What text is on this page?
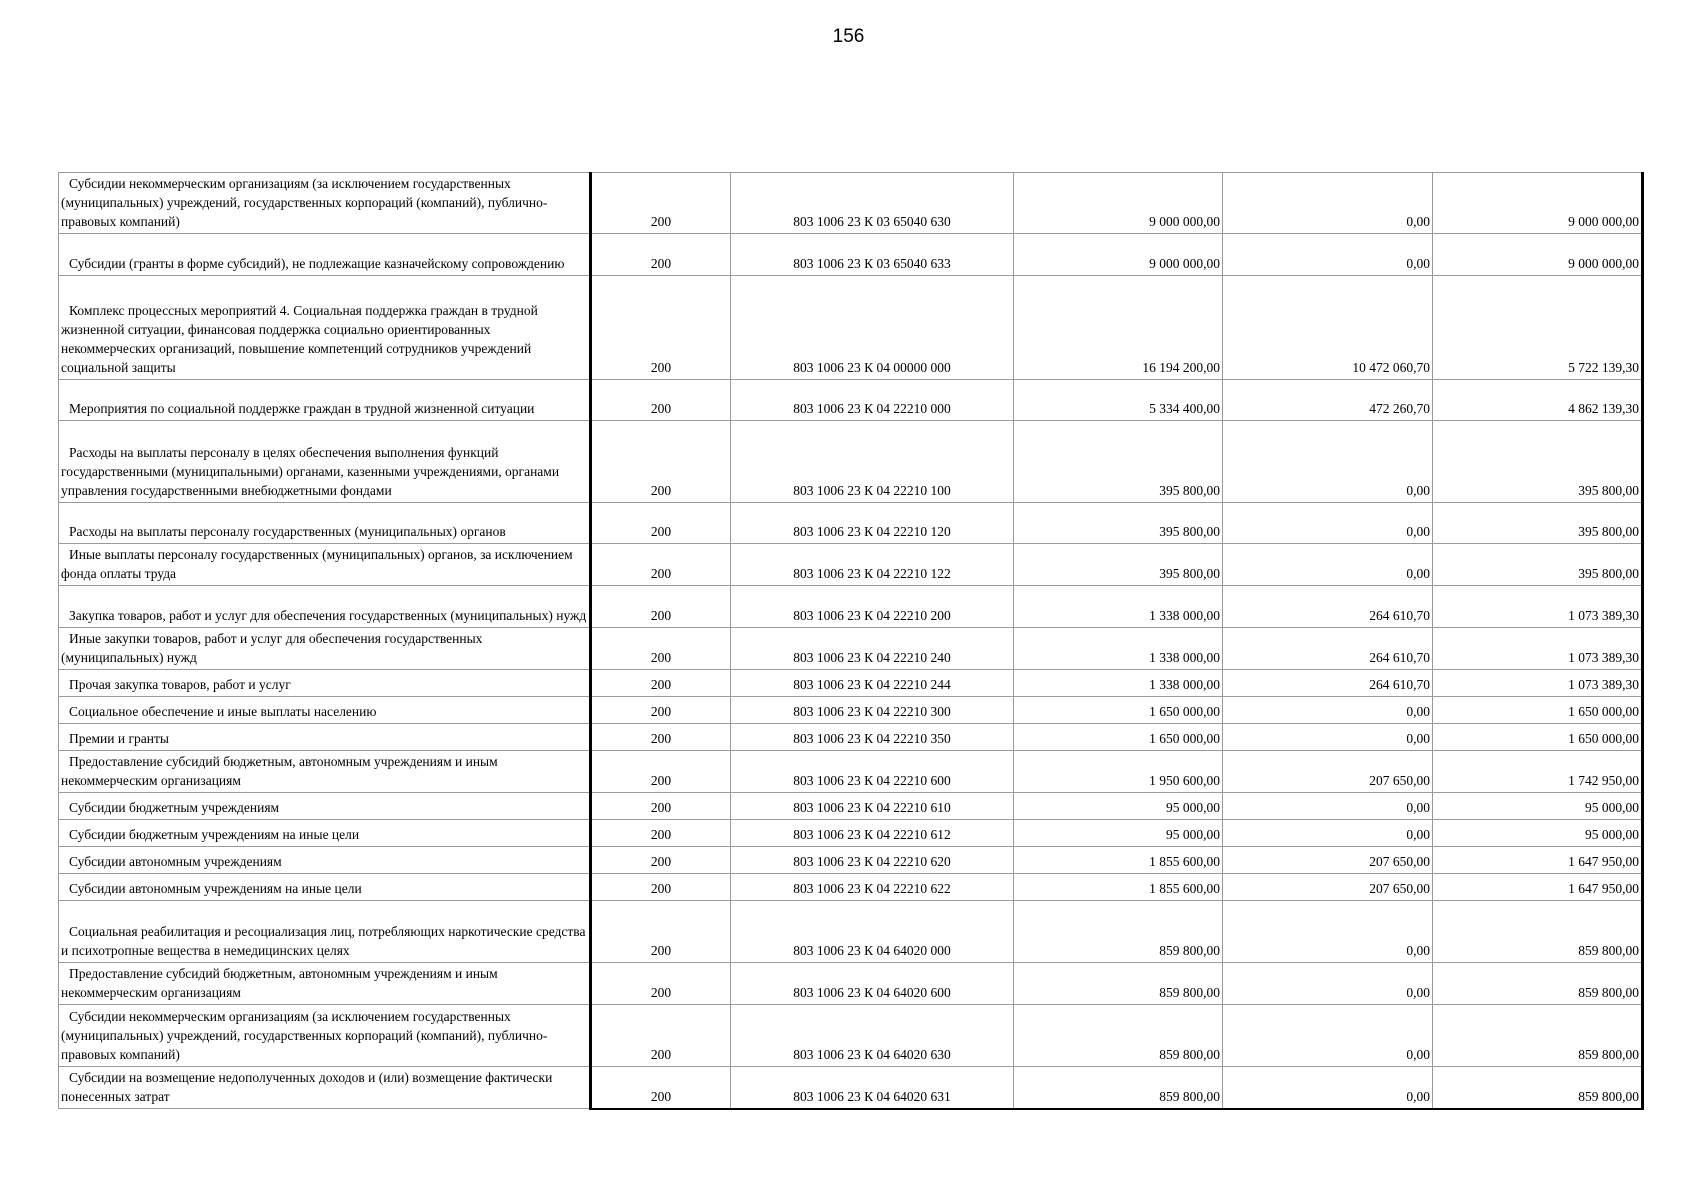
156
Субсидии некоммерческим организациям (за исключением государственных (муниципальных) учреждений, государственных корпораций (компаний), публично-правовых компаний)	200	803 1006 23 К 03 65040 630	9 000 000,00	0,00	9 000 000,00

Субсидии (гранты в форме субсидий), не подлежащие казначейскому сопровождению	200	803 1006 23 К 03 65040 633	9 000 000,00	0,00	9 000 000,00

Комплекс процессных мероприятий 4. Социальная поддержка граждан в трудной жизненной ситуации, финансовая поддержка социально ориентированных некоммерческих организаций, повышение компетенций сотрудников учреждений социальной защиты	200	803 1006 23 К 04 00000 000	16 194 200,00	10 472 060,70	5 722 139,30

Мероприятия по социальной поддержке граждан в трудной жизненной ситуации	200	803 1006 23 К 04 22210 000	5 334 400,00	472 260,70	4 862 139,30

Расходы на выплаты персоналу в целях обеспечения выполнения функций государственными (муниципальными) органами, казенными учреждениями, органами управления государственными внебюджетными фондами	200	803 1006 23 К 04 22210 100	395 800,00	0,00	395 800,00

Расходы на выплаты персоналу государственных (муниципальных) органов	200	803 1006 23 К 04 22210 120	395 800,00	0,00	395 800,00

Иные выплаты персоналу государственных (муниципальных) органов, за исключением фонда оплаты труда	200	803 1006 23 К 04 22210 122	395 800,00	0,00	395 800,00

Закупка товаров, работ и услуг для обеспечения государственных (муниципальных) нужд	200	803 1006 23 К 04 22210 200	1 338 000,00	264 610,70	1 073 389,30

Иные закупки товаров, работ и услуг для обеспечения государственных (муниципальных) нужд	200	803 1006 23 К 04 22210 240	1 338 000,00	264 610,70	1 073 389,30

Прочая закупка товаров, работ и услуг	200	803 1006 23 К 04 22210 244	1 338 000,00	264 610,70	1 073 389,30

Социальное обеспечение и иные выплаты населению	200	803 1006 23 К 04 22210 300	1 650 000,00	0,00	1 650 000,00

Премии и гранты	200	803 1006 23 К 04 22210 350	1 650 000,00	0,00	1 650 000,00

Предоставление субсидий бюджетным, автономным учреждениям и иным некоммерческим организациям	200	803 1006 23 К 04 22210 600	1 950 600,00	207 650,00	1 742 950,00

Субсидии бюджетным учреждениям	200	803 1006 23 К 04 22210 610	95 000,00	0,00	95 000,00

Субсидии бюджетным учреждениям на иные цели	200	803 1006 23 К 04 22210 612	95 000,00	0,00	95 000,00

Субсидии автономным учреждениям	200	803 1006 23 К 04 22210 620	1 855 600,00	207 650,00	1 647 950,00

Субсидии автономным учреждениям на иные цели	200	803 1006 23 К 04 22210 622	1 855 600,00	207 650,00	1 647 950,00

Социальная реабилитация и ресоциализация лиц, потребляющих наркотические средства и психотропные вещества в немедицинских целях	200	803 1006 23 К 04 64020 000	859 800,00	0,00	859 800,00

Предоставление субсидий бюджетным, автономным учреждениям и иным некоммерческим организациям	200	803 1006 23 К 04 64020 600	859 800,00	0,00	859 800,00

Субсидии некоммерческим организациям (за исключением государственных (муниципальных) учреждений, государственных корпораций (компаний), публично-правовых компаний)	200	803 1006 23 К 04 64020 630	859 800,00	0,00	859 800,00

Субсидии на возмещение недополученных доходов и (или) возмещение фактически понесенных затрат	200	803 1006 23 К 04 64020 631	859 800,00	0,00	859 800,00
